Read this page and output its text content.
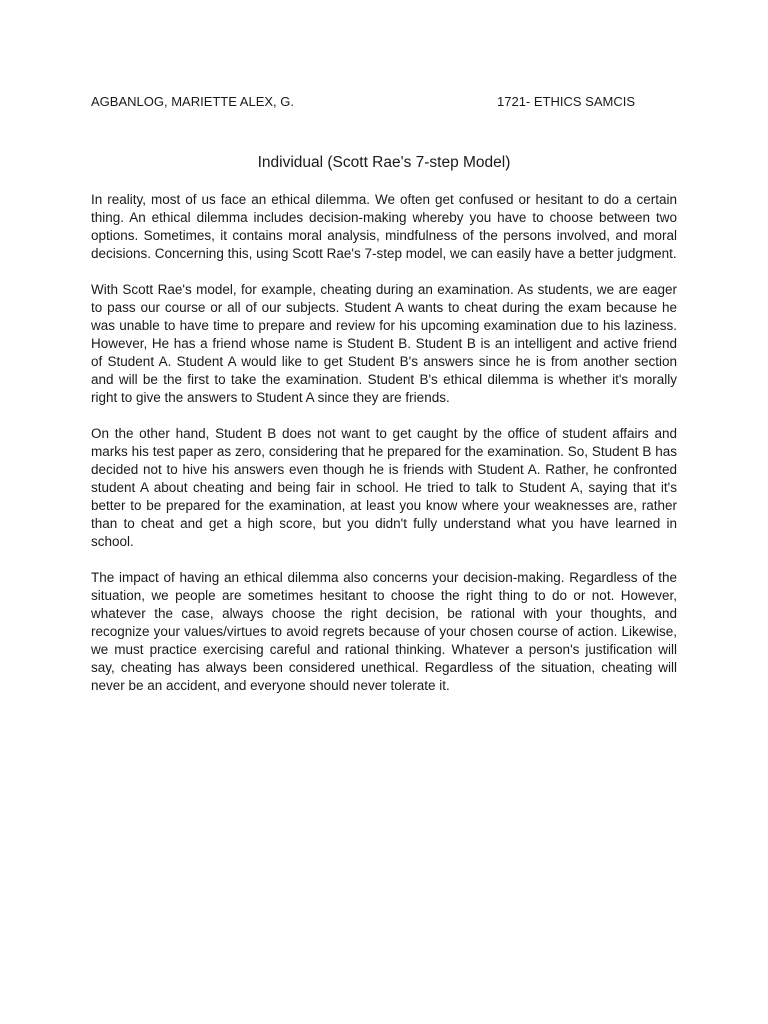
AGBANLOG, MARIETTE ALEX, G.	1721- ETHICS SAMCIS
Individual (Scott Rae's 7-step Model)

In reality, most of us face an ethical dilemma. We often get confused or hesitant to do a certain thing. An ethical dilemma includes decision-making whereby you have to choose between two options. Sometimes, it contains moral analysis, mindfulness of the persons involved, and moral decisions. Concerning this, using Scott Rae's 7-step model, we can easily have a better judgment.

With Scott Rae's model, for example, cheating during an examination. As students, we are eager to pass our course or all of our subjects. Student A wants to cheat during the exam because he was unable to have time to prepare and review for his upcoming examination due to his laziness. However, He has a friend whose name is Student B. Student B is an intelligent and active friend of Student A. Student A would like to get Student B's answers since he is from another section and will be the first to take the examination. Student B's ethical dilemma is whether it's morally right to give the answers to Student A since they are friends.

On the other hand, Student B does not want to get caught by the office of student affairs and marks his test paper as zero, considering that he prepared for the examination. So, Student B has decided not to hive his answers even though he is friends with Student A. Rather, he confronted student A about cheating and being fair in school. He tried to talk to Student A, saying that it's better to be prepared for the examination, at least you know where your weaknesses are, rather than to cheat and get a high score, but you didn't fully understand what you have learned in school.

The impact of having an ethical dilemma also concerns your decision-making. Regardless of the situation, we people are sometimes hesitant to choose the right thing to do or not. However, whatever the case, always choose the right decision, be rational with your thoughts, and recognize your values/virtues to avoid regrets because of your chosen course of action. Likewise, we must practice exercising careful and rational thinking. Whatever a person's justification will say, cheating has always been considered unethical. Regardless of the situation, cheating will never be an accident, and everyone should never tolerate it.
